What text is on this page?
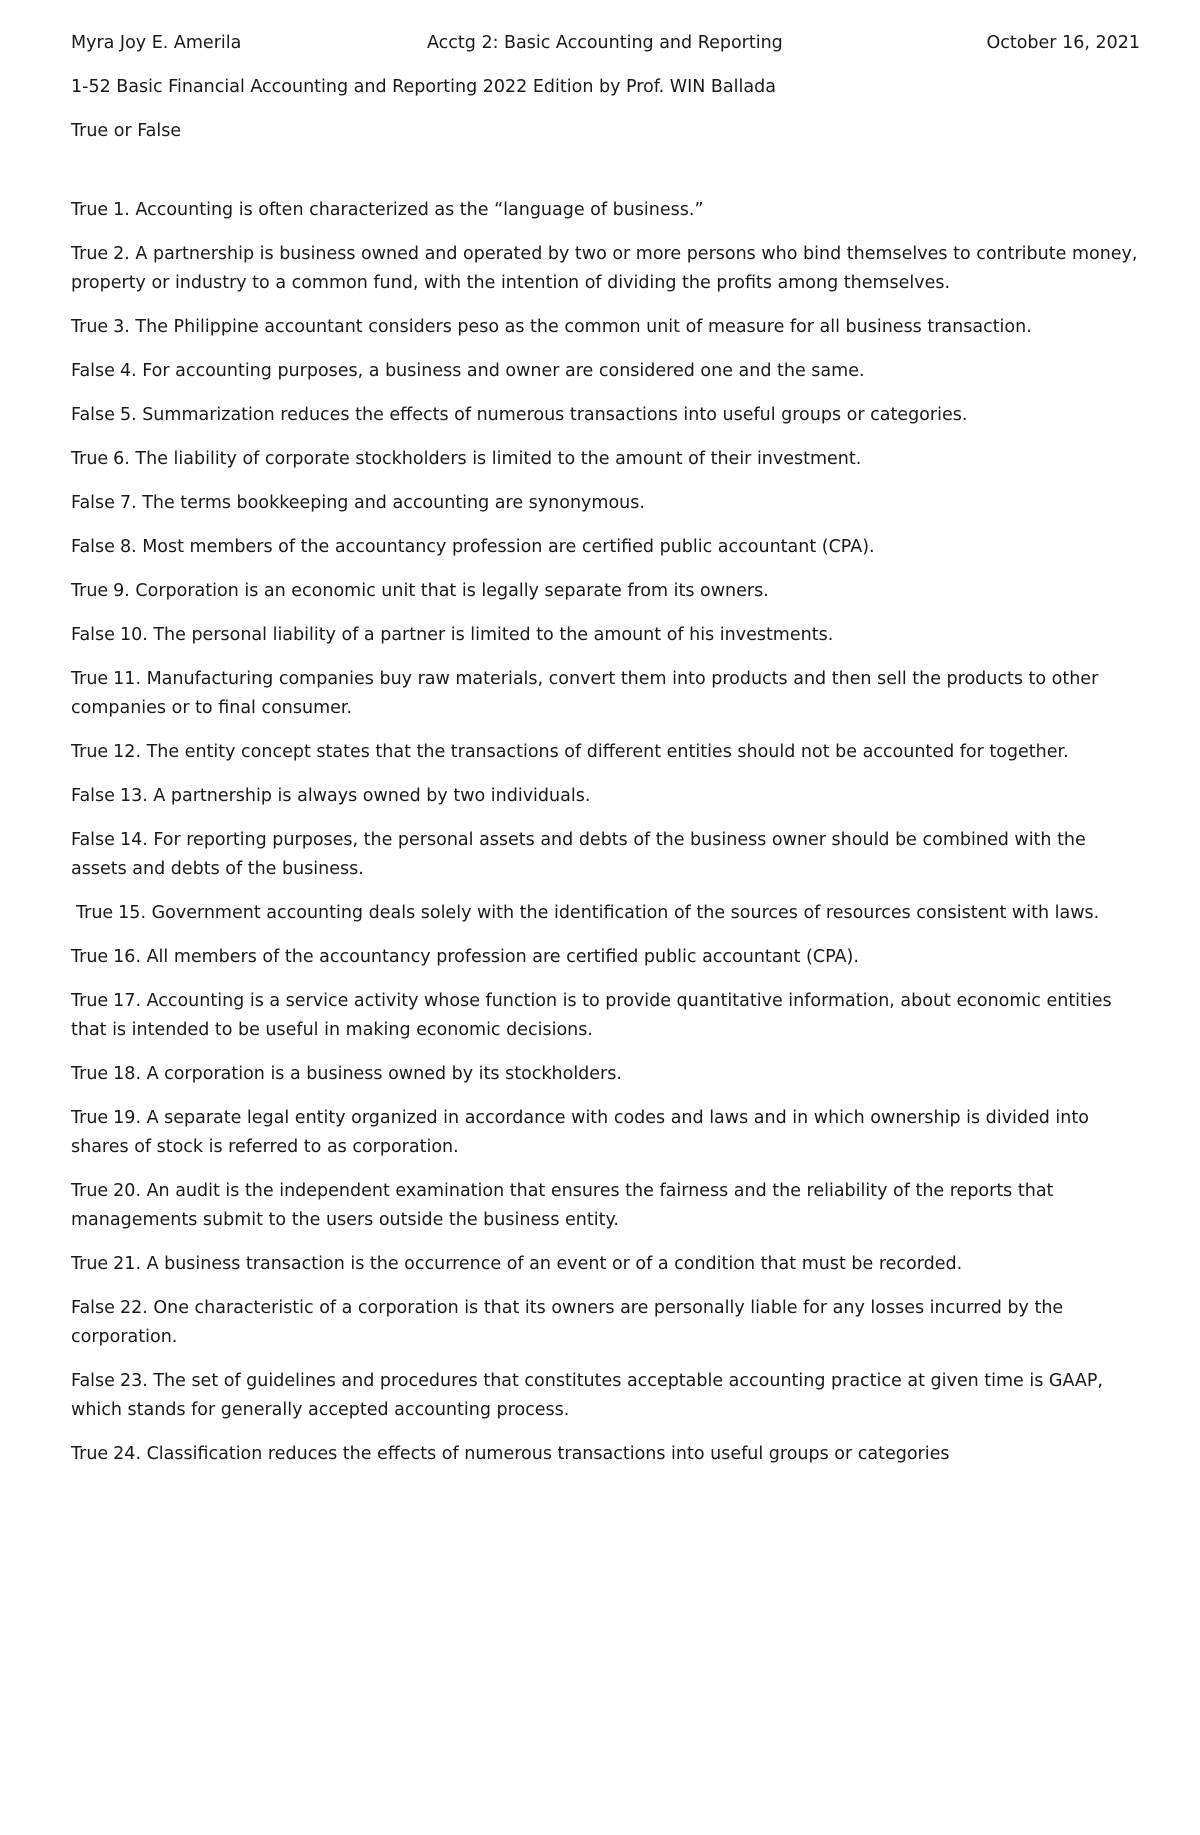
Myra Joy E. Amerila	Acctg 2: Basic Accounting and Reporting	October 16, 2021
1-52 Basic Financial Accounting and Reporting 2022 Edition by Prof. WIN Ballada
True or False

True 1. Accounting is often characterized as the “language of business.”

True 2. A partnership is business owned and operated by two or more persons who bind themselves to contribute money, property or industry to a common fund, with the intention of dividing the profits among themselves.

True 3. The Philippine accountant considers peso as the common unit of measure for all business transaction.

False 4. For accounting purposes, a business and owner are considered one and the same.

False 5. Summarization reduces the effects of numerous transactions into useful groups or categories.

True 6. The liability of corporate stockholders is limited to the amount of their investment.

False 7. The terms bookkeeping and accounting are synonymous.

False 8. Most members of the accountancy profession are certified public accountant (CPA).

True 9. Corporation is an economic unit that is legally separate from its owners.

False 10. The personal liability of a partner is limited to the amount of his investments.

True 11. Manufacturing companies buy raw materials, convert them into products and then sell the products to other companies or to final consumer.

True 12. The entity concept states that the transactions of different entities should not be accounted for together.

False 13. A partnership is always owned by two individuals.

False 14. For reporting purposes, the personal assets and debts of the business owner should be combined with the assets and debts of the business.

True 15. Government accounting deals solely with the identification of the sources of resources consistent with laws.

True 16. All members of the accountancy profession are certified public accountant (CPA).

True 17. Accounting is a service activity whose function is to provide quantitative information, about economic entities that is intended to be useful in making economic decisions.

True 18. A corporation is a business owned by its stockholders.

True 19. A separate legal entity organized in accordance with codes and laws and in which ownership is divided into shares of stock is referred to as corporation.

True 20. An audit is the independent examination that ensures the fairness and the reliability of the reports that managements submit to the users outside the business entity.

True 21. A business transaction is the occurrence of an event or of a condition that must be recorded.

False 22. One characteristic of a corporation is that its owners are personally liable for any losses incurred by the corporation.

False 23. The set of guidelines and procedures that constitutes acceptable accounting practice at given time is GAAP, which stands for generally accepted accounting process.

True 24. Classification reduces the effects of numerous transactions into useful groups or categories
